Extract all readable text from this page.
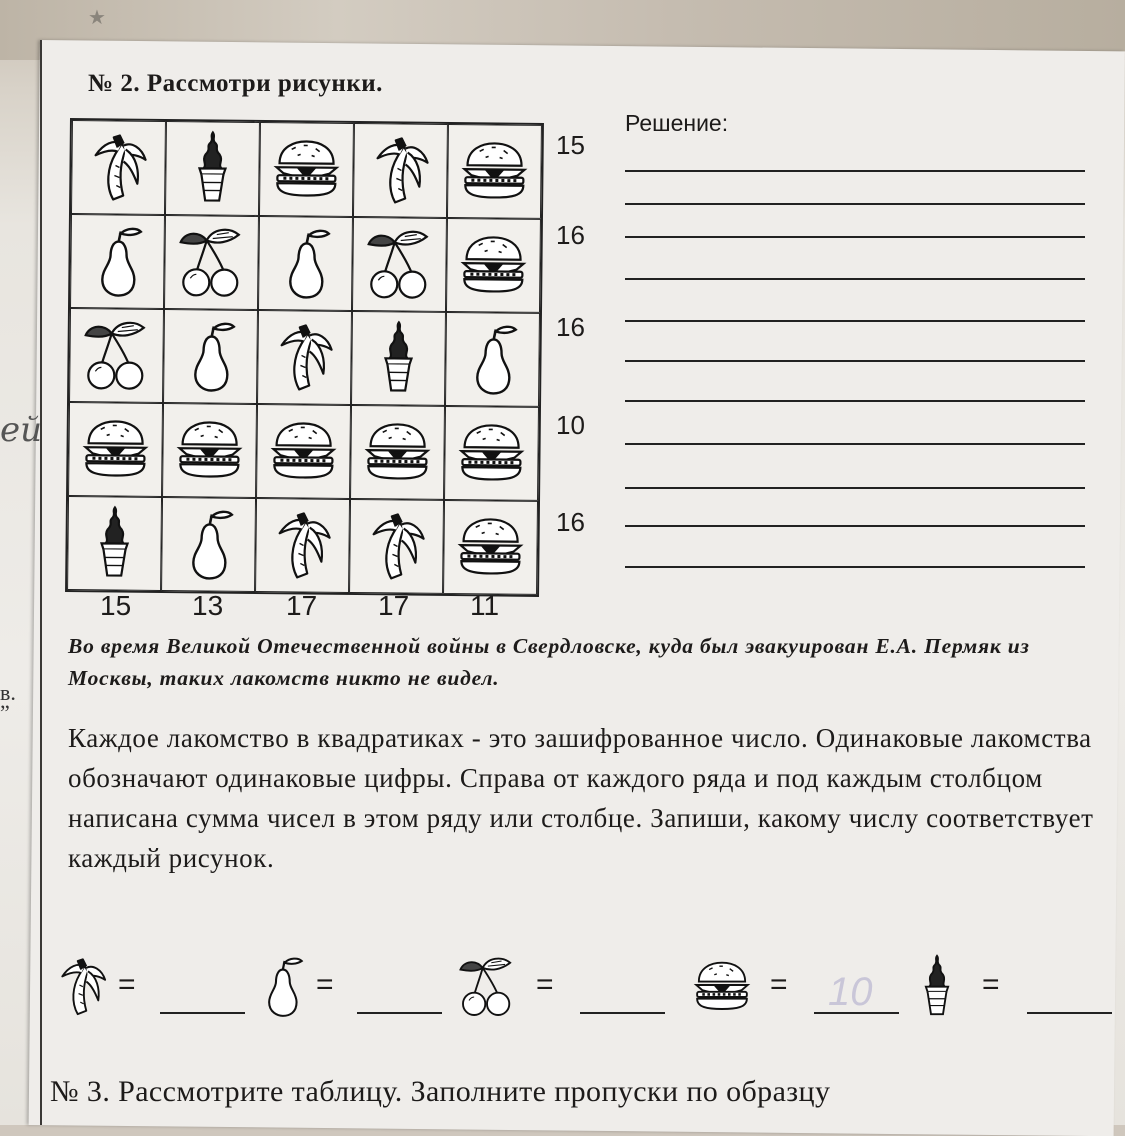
★
№ 2. Рассмотри рисунки.
Решение:
15
16
16
10
16
15 13 17 17 11
Во время Великой Отечественной войны в Свердловске, куда был эвакуирован Е.А. Пермяк из Москвы, таких лакомств никто не видел.
Каждое лакомство в квадратиках - это зашифрованное число. Одинаковые лакомства обозначают одинаковые цифры. Справа от каждого ряда и под каждым столбцом написана сумма чисел в этом ряду или столбце. Запиши, какому числу соответствует каждый рисунок.
=	=	=	= 10	=
№ 3. Рассмотрите таблицу. Заполните пропуски по образцу
ей
в.
”
